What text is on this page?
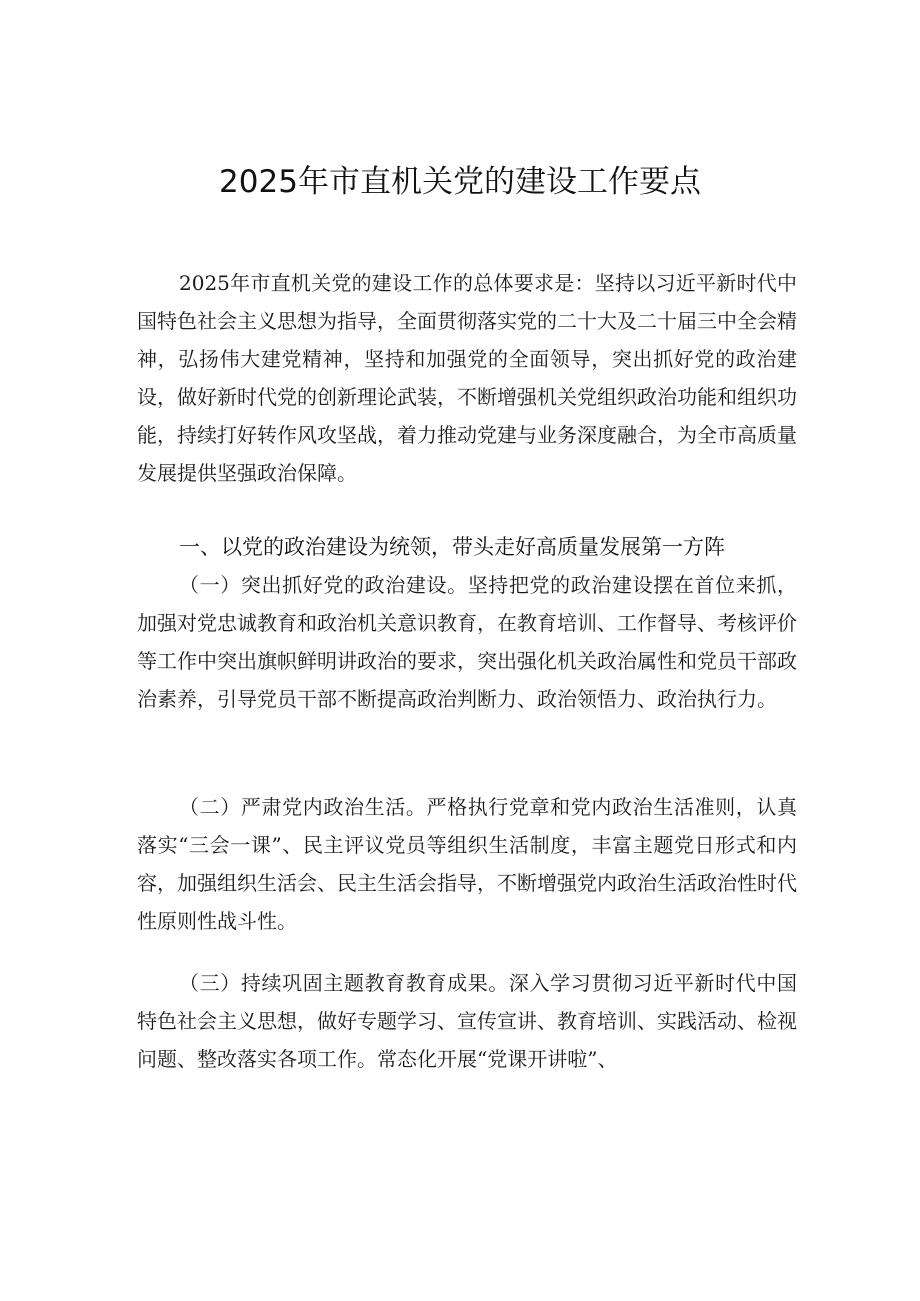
2025年市直机关党的建设工作要点

2025年市直机关党的建设工作的总体要求是：坚持以习近平新时代中国特色社会主义思想为指导，全面贯彻落实党的二十大及二十届三中全会精神，弘扬伟大建党精神，坚持和加强党的全面领导，突出抓好党的政治建设，做好新时代党的创新理论武装，不断增强机关党组织政治功能和组织功能，持续打好转作风攻坚战，着力推动党建与业务深度融合，为全市高质量发展提供坚强政治保障。

一、以党的政治建设为统领，带头走好高质量发展第一方阵

（一）突出抓好党的政治建设。坚持把党的政治建设摆在首位来抓，加强对党忠诚教育和政治机关意识教育，在教育培训、工作督导、考核评价等工作中突出旗帜鲜明讲政治的要求，突出强化机关政治属性和党员干部政治素养，引导党员干部不断提高政治判断力、政治领悟力、政治执行力。

（二）严肃党内政治生活。严格执行党章和党内政治生活准则，认真落实“三会一课”、民主评议党员等组织生活制度，丰富主题党日形式和内容，加强组织生活会、民主生活会指导，不断增强党内政治生活政治性时代性原则性战斗性。

（三）持续巩固主题教育教育成果。深入学习贯彻习近平新时代中国特色社会主义思想，做好专题学习、宣传宣讲、教育培训、实践活动、检视问题、整改落实各项工作。常态化开展“党课开讲啦”、
